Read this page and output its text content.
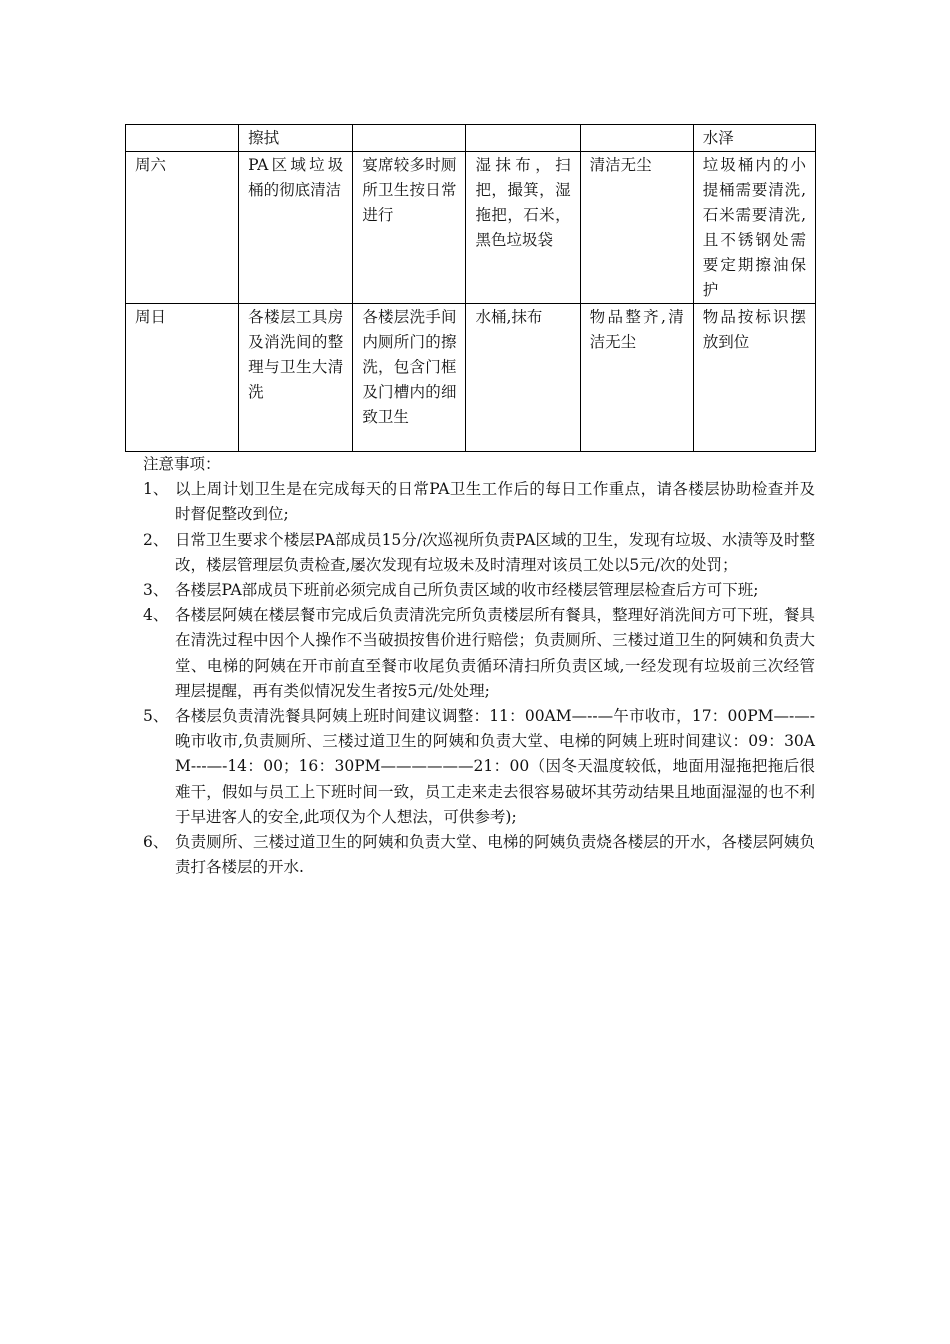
	擦拭				水泽
周六	PA区域垃圾桶的彻底清洁	宴席较多时厕所卫生按日常进行	湿抹布，扫把，撮箕，湿拖把，石米，黑色垃圾袋	清洁无尘	垃圾桶内的小提桶需要清洗,石米需要清洗,且不锈钢处需要定期擦油保护
周日	各楼层工具房及消洗间的整理与卫生大清洗	各楼层洗手间内厕所门的擦洗，包含门框及门槽内的细致卫生	水桶,抹布	物品整齐,清洁无尘	物品按标识摆放到位

注意事项：

1、 以上周计划卫生是在完成每天的日常PA卫生工作后的每日工作重点，请各楼层协助检查并及时督促整改到位;
2、 日常卫生要求个楼层PA部成员15分/次巡视所负责PA区域的卫生，发现有垃圾、水渍等及时整改，楼层管理层负责检查,屡次发现有垃圾未及时清理对该员工处以5元/次的处罚；
3、 各楼层PA部成员下班前必须完成自己所负责区域的收市经楼层管理层检查后方可下班;
4、 各楼层阿姨在楼层餐市完成后负责清洗完所负责楼层所有餐具，整理好消洗间方可下班，餐具在清洗过程中因个人操作不当破损按售价进行赔偿；负责厕所、三楼过道卫生的阿姨和负责大堂、电梯的阿姨在开市前直至餐市收尾负责循环清扫所负责区域,一经发现有垃圾前三次经管理层提醒，再有类似情况发生者按5元/处处理;
5、 各楼层负责清洗餐具阿姨上班时间建议调整：11：00AM—--—午市收市，17：00PM—-—-晚市收市,负责厕所、三楼过道卫生的阿姨和负责大堂、电梯的阿姨上班时间建议：09：30AM---—-14：00；16：30PM——————21：00（因冬天温度较低，地面用湿拖把拖后很难干，假如与员工上下班时间一致，员工走来走去很容易破坏其劳动结果且地面湿湿的也不利于早进客人的安全,此项仅为个人想法，可供参考);
6、 负责厕所、三楼过道卫生的阿姨和负责大堂、电梯的阿姨负责烧各楼层的开水，各楼层阿姨负责打各楼层的开水.
